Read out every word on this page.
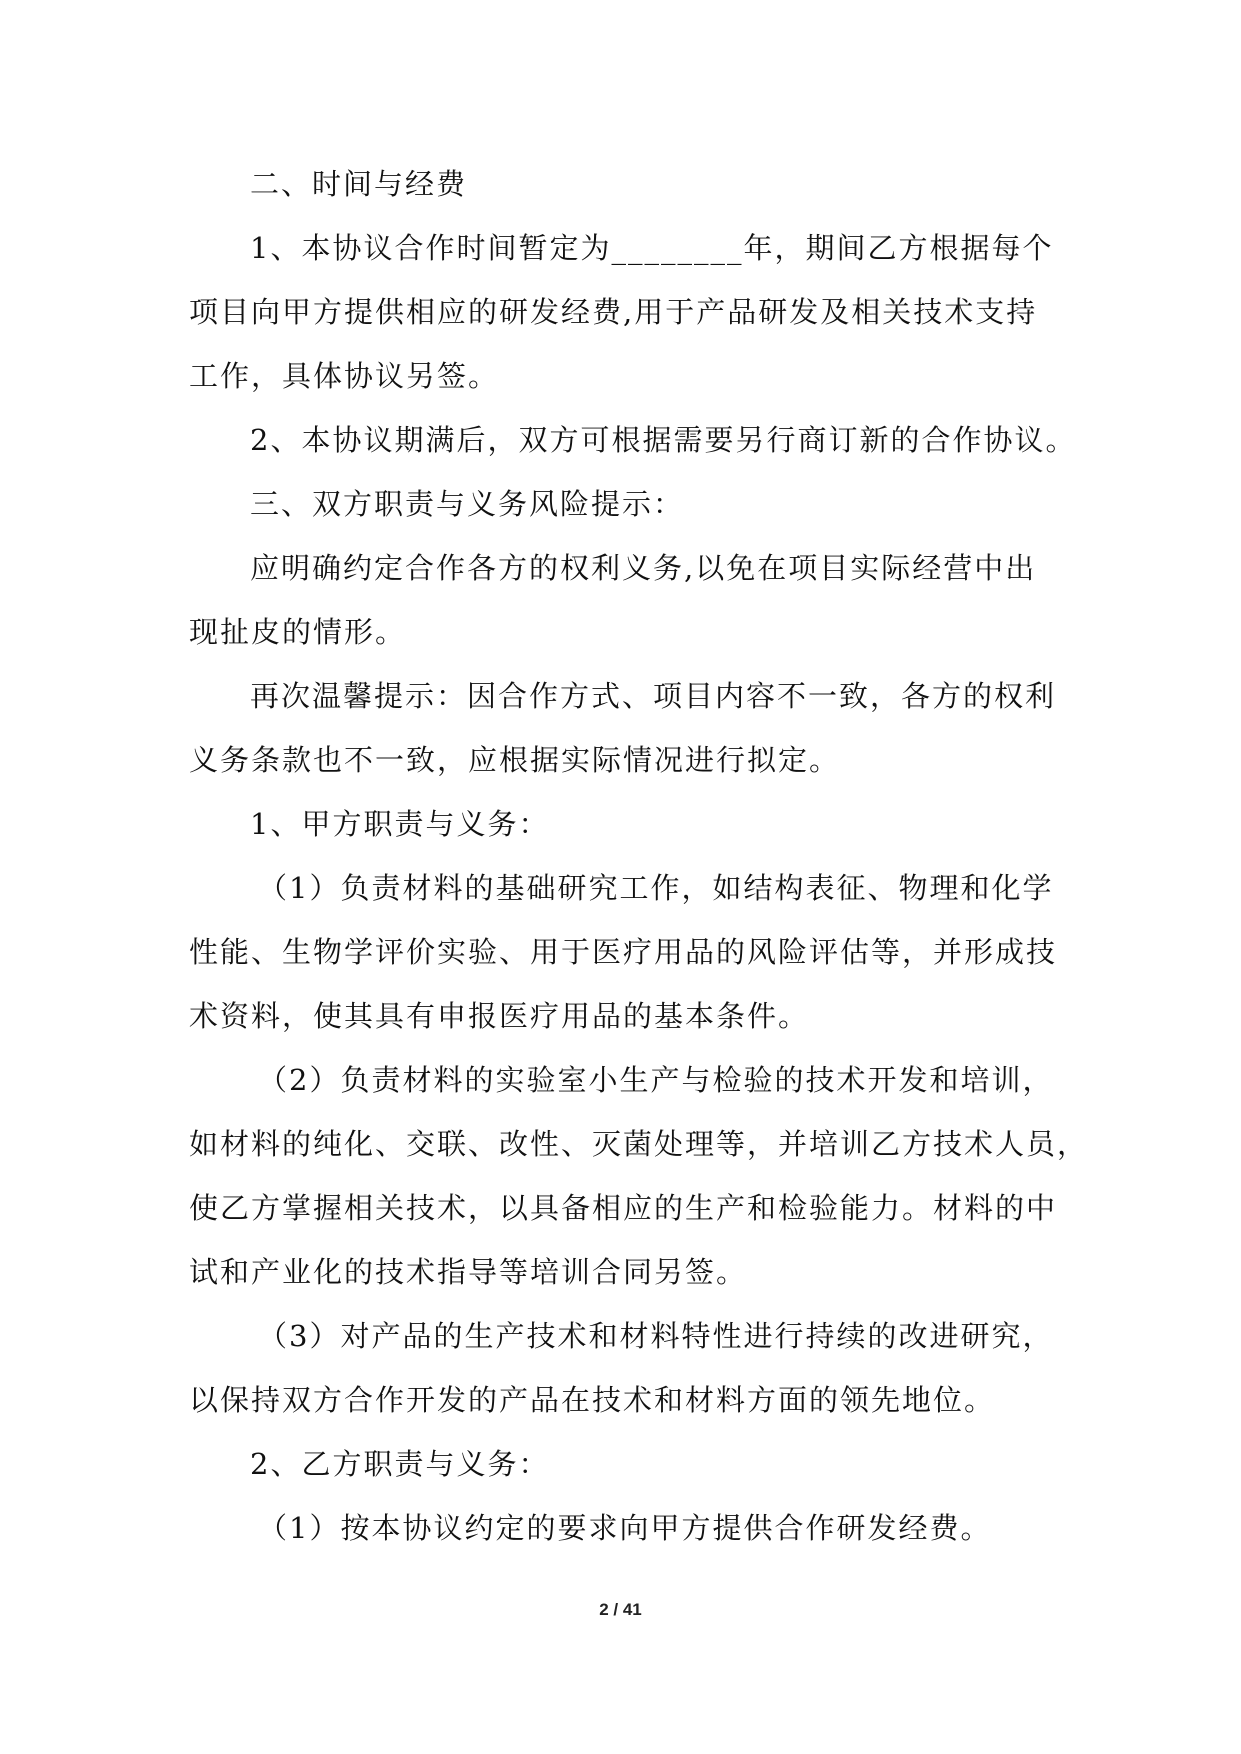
二、时间与经费
1、本协议合作时间暂定为________年，期间乙方根据每个
项目向甲方提供相应的研发经费,用于产品研发及相关技术支持
工作，具体协议另签。
2、本协议期满后，双方可根据需要另行商订新的合作协议。
三、双方职责与义务风险提示：
应明确约定合作各方的权利义务,以免在项目实际经营中出
现扯皮的情形。
再次温馨提示：因合作方式、项目内容不一致，各方的权利
义务条款也不一致，应根据实际情况进行拟定。
1、甲方职责与义务：
（1）负责材料的基础研究工作，如结构表征、物理和化学
性能、生物学评价实验、用于医疗用品的风险评估等，并形成技
术资料，使其具有申报医疗用品的基本条件。
（2）负责材料的实验室小生产与检验的技术开发和培训，
如材料的纯化、交联、改性、灭菌处理等，并培训乙方技术人员，
使乙方掌握相关技术，以具备相应的生产和检验能力。材料的中
试和产业化的技术指导等培训合同另签。
（3）对产品的生产技术和材料特性进行持续的改进研究，
以保持双方合作开发的产品在技术和材料方面的领先地位。
2、乙方职责与义务：
（1）按本协议约定的要求向甲方提供合作研发经费。
2 / 41
